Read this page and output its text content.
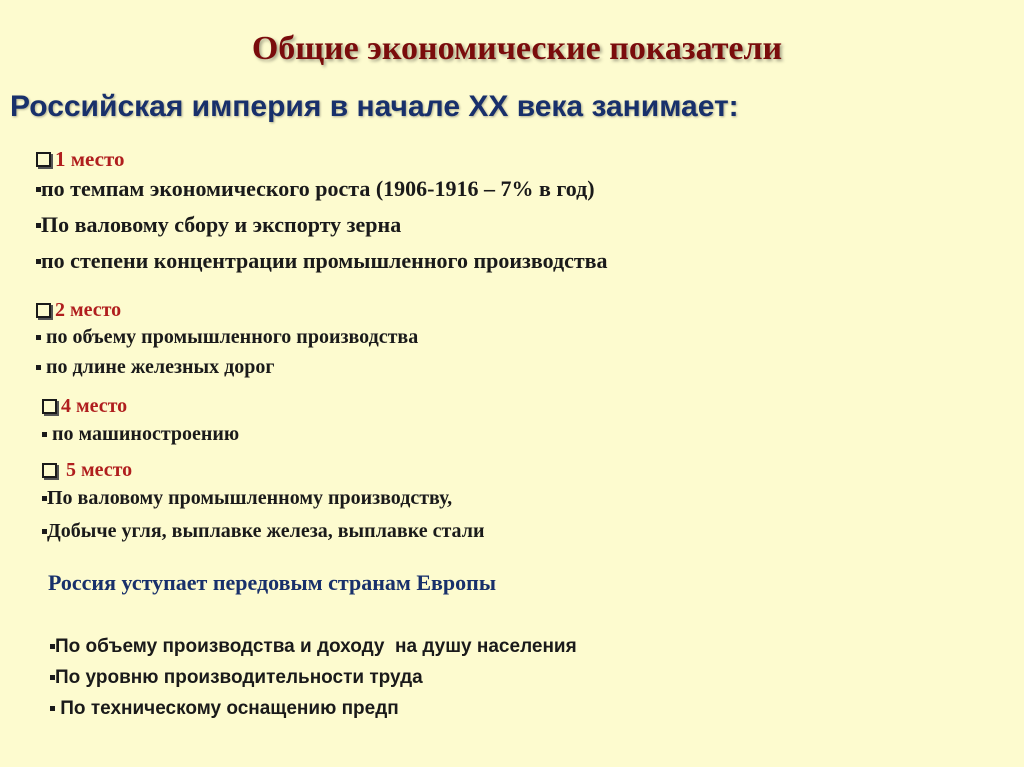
Общие экономические показатели
Российская империя в начале XX века занимает:
1 место
по темпам экономического роста (1906-1916 – 7% в год)
По валовому сбору и экспорту зерна
по степени концентрации промышленного производства
2 место
по объему промышленного производства
по длине железных дорог
4 место
по машиностроению
5 место
По валовому промышленному производству,
Добыче угля, выплавке железа, выплавке стали
Россия уступает передовым странам Европы
По объему производства и доходу  на душу населения
По уровню производительности труда
По техническому оснащению предп
